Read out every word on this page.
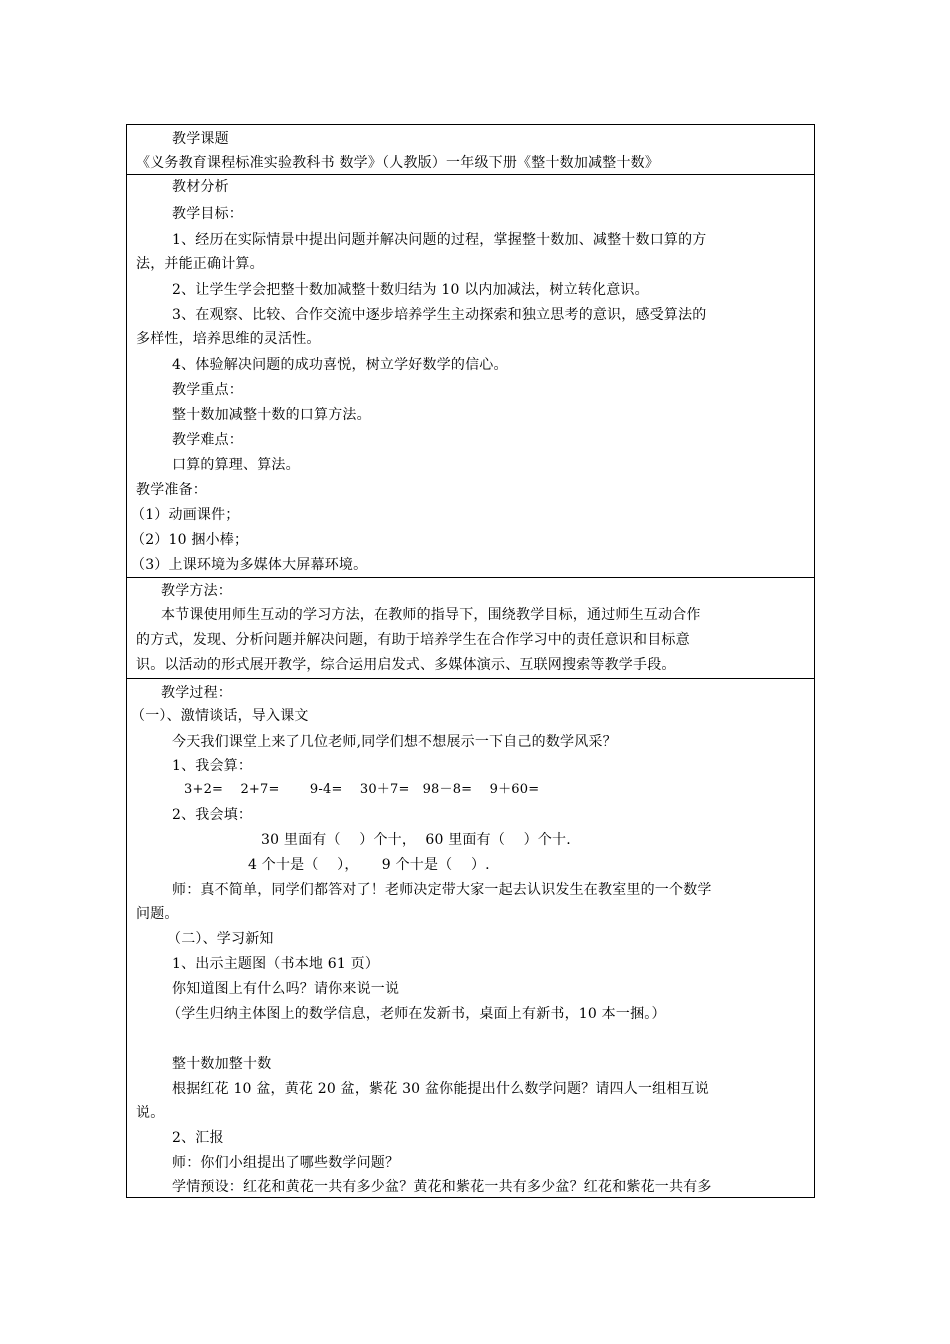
教学课题
《义务教育课程标准实验教科书 数学》（人教版）一年级下册《整十数加减整十数》
教材分析
教学目标：
1、经历在实际情景中提出问题并解决问题的过程，掌握整十数加、减整十数口算的方
法，并能正确计算。
2、让学生学会把整十数加减整十数归结为 10 以内加减法，树立转化意识。
3、在观察、比较、合作交流中逐步培养学生主动探索和独立思考的意识，感受算法的
多样性，培养思维的灵活性。
4、体验解决问题的成功喜悦，树立学好数学的信心。
教学重点：
整十数加减整十数的口算方法。
教学难点：
口算的算理、算法。
教学准备：
（1）动画课件；
（2）10 捆小棒；
（3）上课环境为多媒体大屏幕环境。
教学方法：
本节课使用师生互动的学习方法，在教师的指导下，围绕教学目标，通过师生互动合作
的方式，发现、分析问题并解决问题，有助于培养学生在合作学习中的责任意识和目标意
识。以活动的形式展开教学，综合运用启发式、多媒体演示、互联网搜索等教学手段。
教学过程：
（一）、激情谈话，导入课文
今天我们课堂上来了几位老师,同学们想不想展示一下自己的数学风采？
1、我会算：
3+2=    2+7=       9-4=    30＋7=   98－8=    9＋60=
2、我会填：
30 里面有（    ）个十，  60 里面有（    ）个十.
4 个十是（    ），     9 个十是（    ）.
师：真不简单，同学们都答对了！老师决定带大家一起去认识发生在教室里的一个数学
问题。
（二）、学习新知
1、出示主题图（书本地 61 页）
你知道图上有什么吗？请你来说一说
（学生归纳主体图上的数学信息，老师在发新书，桌面上有新书，10 本一捆。）
整十数加整十数
根据红花 10 盆，黄花 20 盆，紫花 30 盆你能提出什么数学问题？请四人一组相互说
说。
2、汇报
师：你们小组提出了哪些数学问题？
学情预设：红花和黄花一共有多少盆？黄花和紫花一共有多少盆？红花和紫花一共有多
